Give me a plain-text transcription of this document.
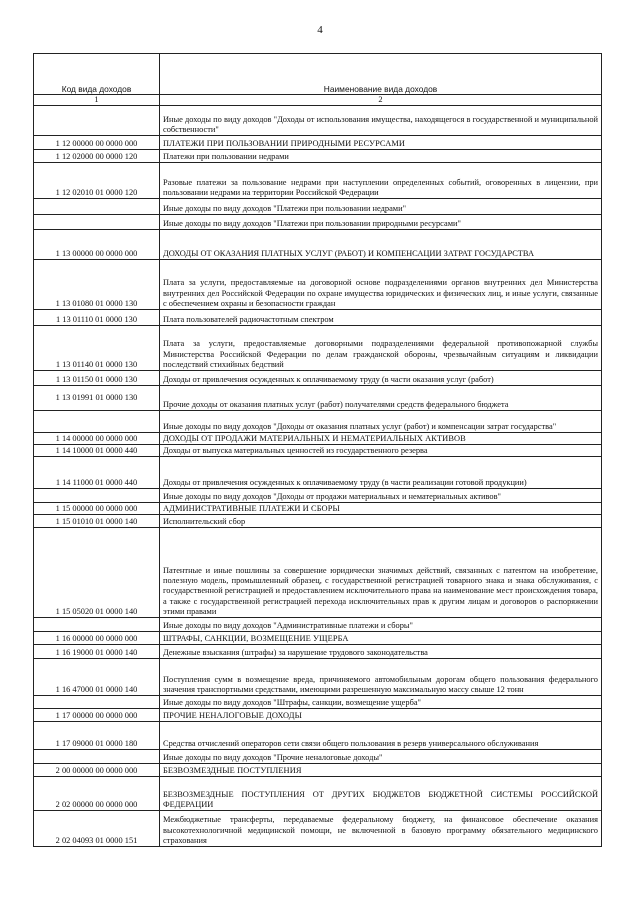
4
Код вида доходов	Наименование вида доходов
1	2
	Иные доходы по виду доходов "Доходы от использования имущества, находящегося в государственной и муниципальной собственности"
1 12 00000 00 0000 000	ПЛАТЕЖИ ПРИ ПОЛЬЗОВАНИИ ПРИРОДНЫМИ РЕСУРСАМИ
1 12 02000 00 0000 120	Платежи при пользовании недрами
1 12 02010 01 0000 120	Разовые платежи за пользование недрами при наступлении определенных событий, оговоренных в лицензии, при пользовании недрами на территории Российской Федерации
	Иные доходы по виду доходов "Платежи при пользовании недрами"
	Иные доходы по виду доходов "Платежи при пользовании природными ресурсами"
1 13 00000 00 0000 000	ДОХОДЫ ОТ ОКАЗАНИЯ ПЛАТНЫХ УСЛУГ (РАБОТ) И КОМПЕНСАЦИИ ЗАТРАТ ГОСУДАРСТВА
1 13 01080 01 0000 130	Плата за услуги, предоставляемые на договорной основе подразделениями органов внутренних дел Министерства внутренних дел Российской Федерации по охране имущества юридических и физических лиц, и иные услуги, связанные с обеспечением охраны и безопасности граждан
1 13 01110 01 0000 130	Плата пользователей радиочастотным спектром
1 13 01140 01 0000 130	Плата за услуги, предоставляемые договорными подразделениями федеральной противопожарной службы Министерства Российской Федерации по делам гражданской обороны, чрезвычайным ситуациям и ликвидации последствий стихийных бедствий
1 13 01150 01 0000 130	Доходы от привлечения осужденных к оплачиваемому труду (в части оказания услуг (работ)
1 13 01991 01 0000 130	Прочие доходы от оказания платных услуг (работ) получателями средств федерального бюджета
	Иные доходы по виду доходов "Доходы от оказания платных услуг (работ) и компенсации затрат государства"
1 14 00000 00 0000 000	ДОХОДЫ ОТ ПРОДАЖИ МАТЕРИАЛЬНЫХ И НЕМАТЕРИАЛЬНЫХ АКТИВОВ
1 14 10000 01 0000 440	Доходы от выпуска материальных ценностей из государственного резерва
1 14 11000 01 0000 440	Доходы от привлечения осужденных к оплачиваемому труду (в части реализации готовой продукции)
	Иные доходы по виду доходов "Доходы от продажи материальных и нематериальных активов"
1 15 00000 00 0000 000	АДМИНИСТРАТИВНЫЕ ПЛАТЕЖИ И СБОРЫ
1 15 01010 01 0000 140	Исполнительский сбор
1 15 05020 01 0000 140	Патентные и иные пошлины за совершение юридически значимых действий, связанных с патентом на изобретение, полезную модель, промышленный образец, с государственной регистрацией товарного знака и знака обслуживания, с государственной регистрацией и предоставлением исключительного права на наименование мест происхождения товара, а также с государственной регистрацией перехода исключительных прав к другим лицам и договоров о распоряжении этими правами
	Иные доходы по виду доходов "Административные платежи и сборы"
1 16 00000 00 0000 000	ШТРАФЫ, САНКЦИИ, ВОЗМЕЩЕНИЕ УЩЕРБА
1 16 19000 01 0000 140	Денежные взыскания (штрафы) за нарушение трудового законодательства
1 16 47000 01 0000 140	Поступления сумм в возмещение вреда, причиняемого автомобильным дорогам общего пользования федерального значения транспортными средствами, имеющими разрешенную максимальную массу свыше 12 тонн
	Иные доходы по виду доходов "Штрафы, санкции, возмещение ущерба"
1 17 00000 00 0000 000	ПРОЧИЕ НЕНАЛОГОВЫЕ ДОХОДЫ
1 17 09000 01 0000 180	Средства отчислений операторов сети связи общего пользования в резерв универсального обслуживания
	Иные доходы по виду доходов "Прочие неналоговые доходы"
2 00 00000 00 0000 000	БЕЗВОЗМЕЗДНЫЕ ПОСТУПЛЕНИЯ
2 02 00000 00 0000 000	БЕЗВОЗМЕЗДНЫЕ ПОСТУПЛЕНИЯ ОТ ДРУГИХ БЮДЖЕТОВ БЮДЖЕТНОЙ СИСТЕМЫ РОССИЙСКОЙ ФЕДЕРАЦИИ
2 02 04093 01 0000 151	Межбюджетные трансферты, передаваемые федеральному бюджету, на финансовое обеспечение оказания высокотехнологичной медицинской помощи, не включенной в базовую программу обязательного медицинского страхования
